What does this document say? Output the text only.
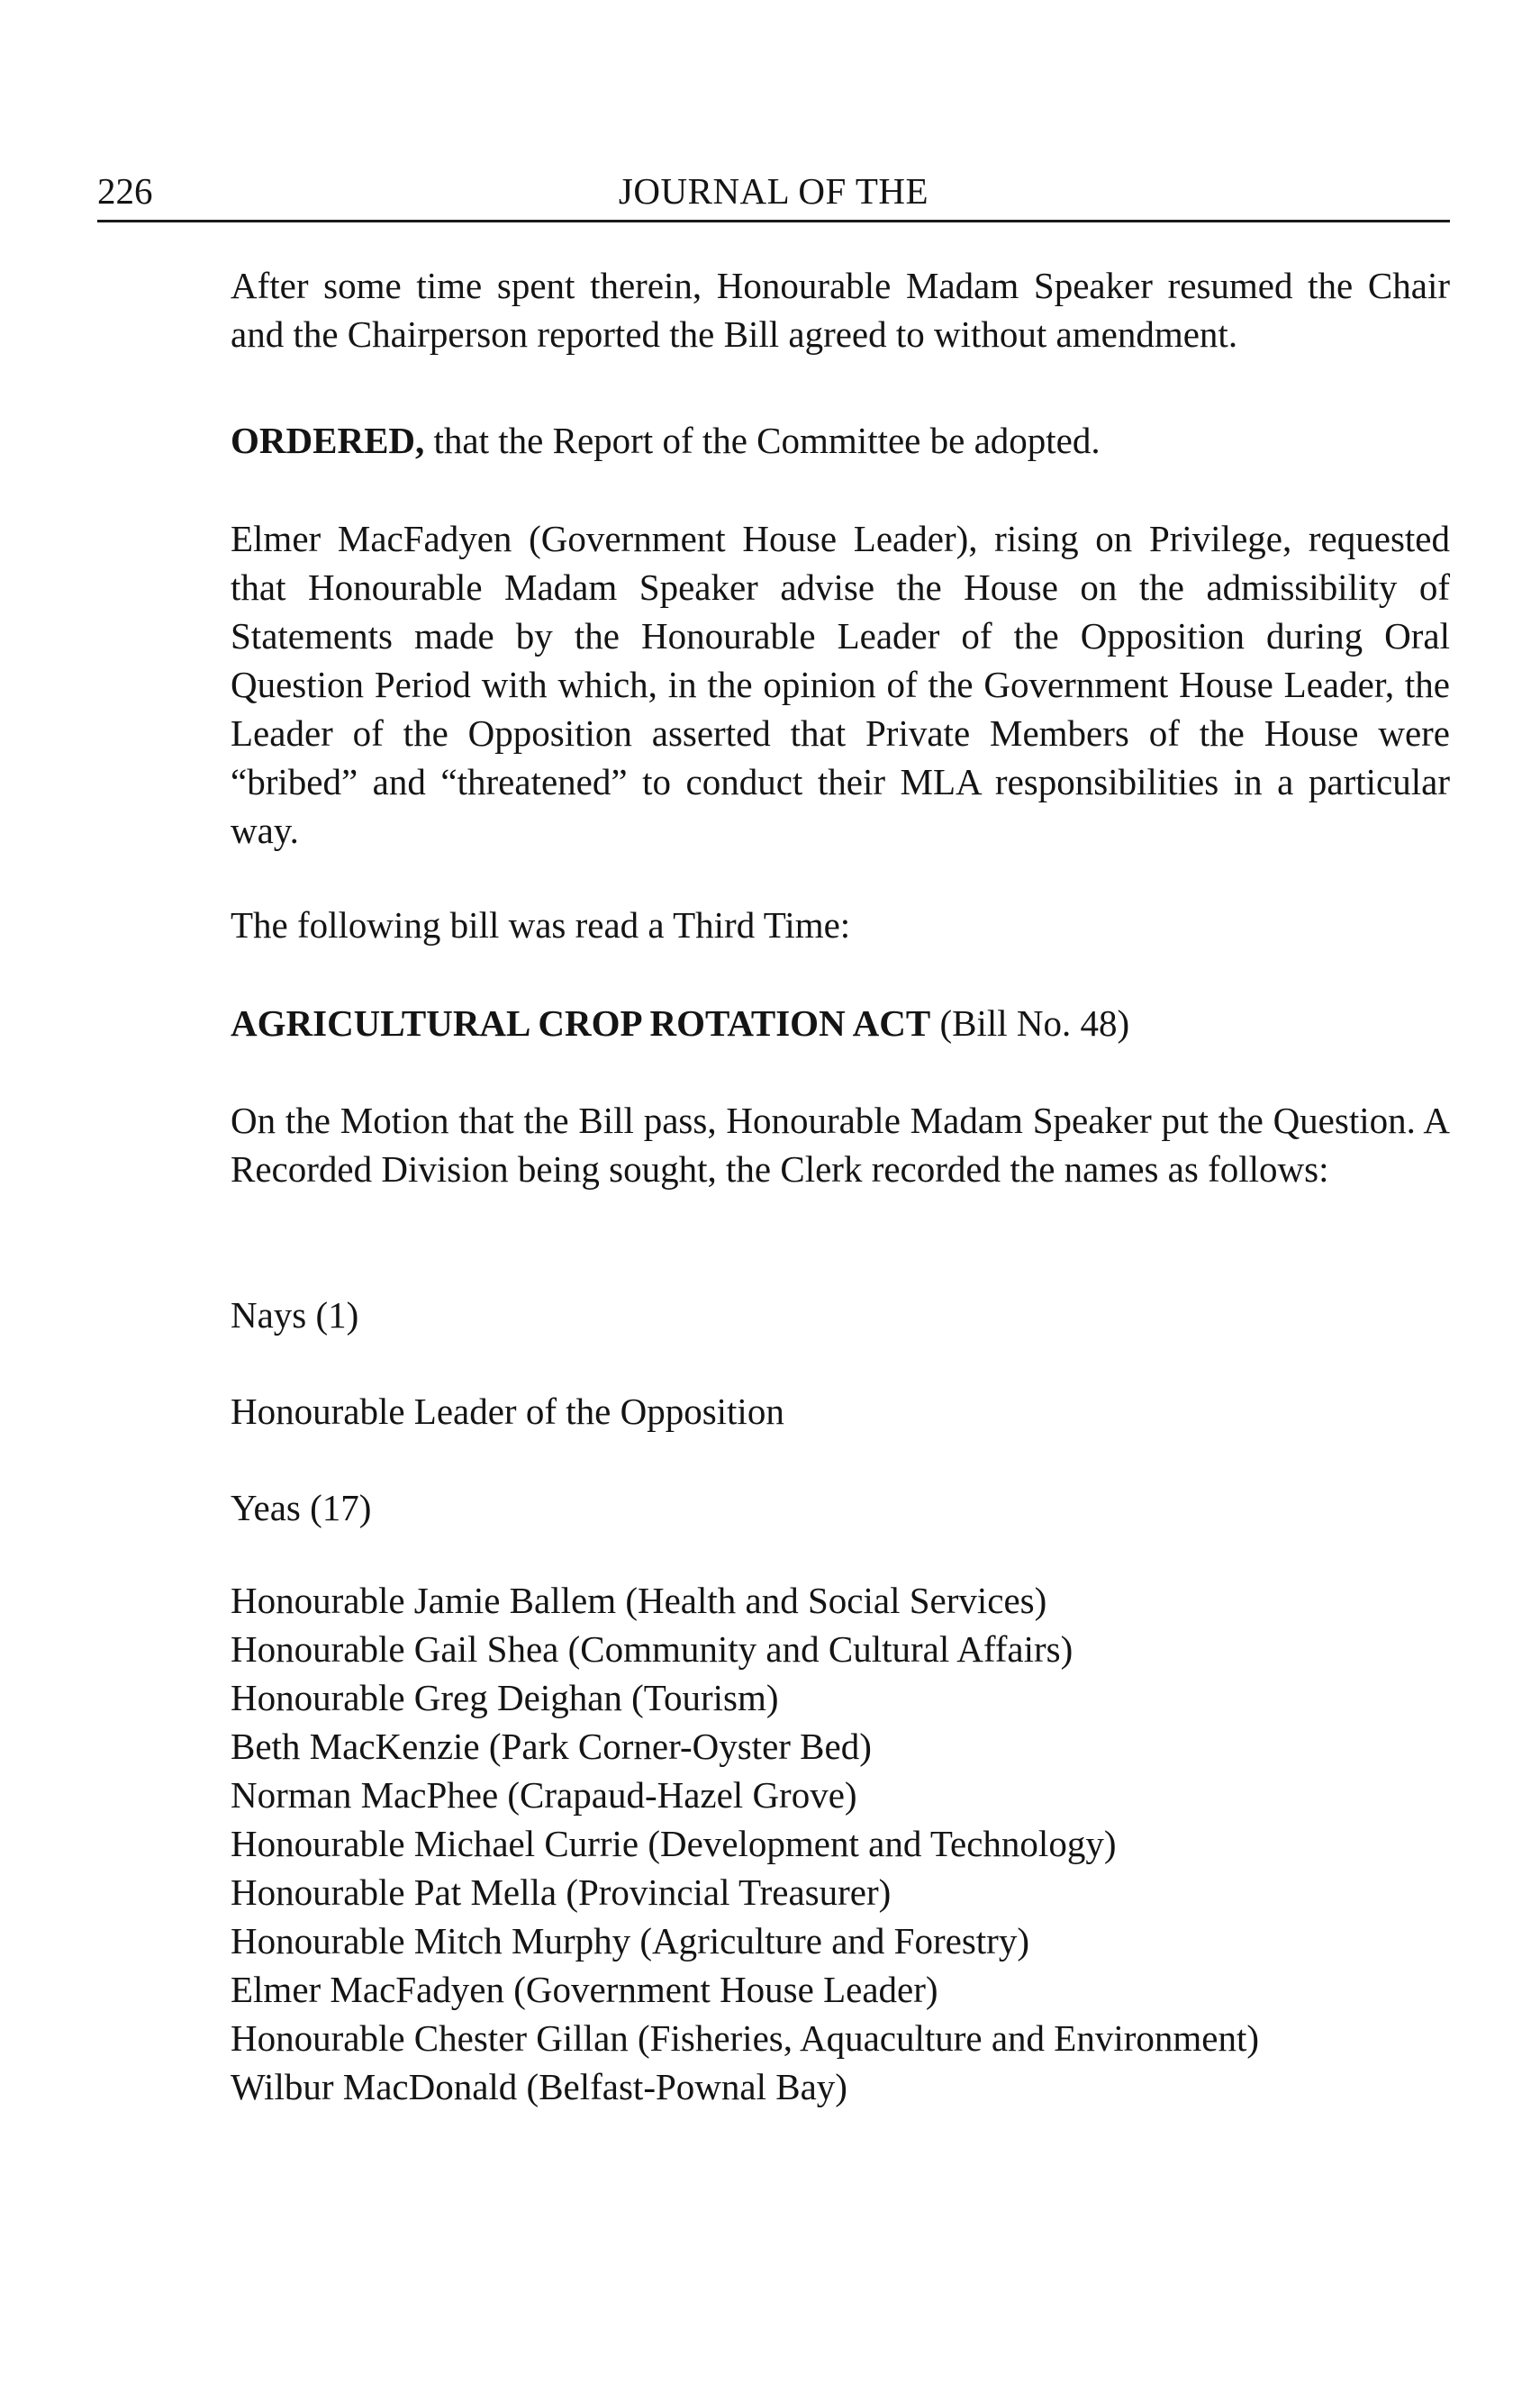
226	JOURNAL OF THE

After some time spent therein, Honourable Madam Speaker resumed the Chair and the Chairperson reported the Bill agreed to without amendment.

ORDERED, that the Report of the Committee be adopted.

Elmer MacFadyen (Government House Leader), rising on Privilege, requested that Honourable Madam Speaker advise the House on the admissibility of Statements made by the Honourable Leader of the Opposition during Oral Question Period with which, in the opinion of the Government House Leader, the Leader of the Opposition asserted that Private Members of the House were “bribed” and “threatened” to conduct their MLA responsibilities in a particular way.

The following bill was read a Third Time:

AGRICULTURAL CROP ROTATION ACT (Bill No. 48)

On the Motion that the Bill pass, Honourable Madam Speaker put the Question. A Recorded Division being sought, the Clerk recorded the names as follows:

Nays (1)

Honourable Leader of the Opposition

Yeas (17)

Honourable Jamie Ballem (Health and Social Services)
Honourable Gail Shea (Community and Cultural Affairs)
Honourable Greg Deighan (Tourism)
Beth MacKenzie (Park Corner-Oyster Bed)
Norman MacPhee (Crapaud-Hazel Grove)
Honourable Michael Currie (Development and Technology)
Honourable Pat Mella (Provincial Treasurer)
Honourable Mitch Murphy (Agriculture and Forestry)
Elmer MacFadyen (Government House Leader)
Honourable Chester Gillan (Fisheries, Aquaculture and Environment)
Wilbur MacDonald (Belfast-Pownal Bay)
